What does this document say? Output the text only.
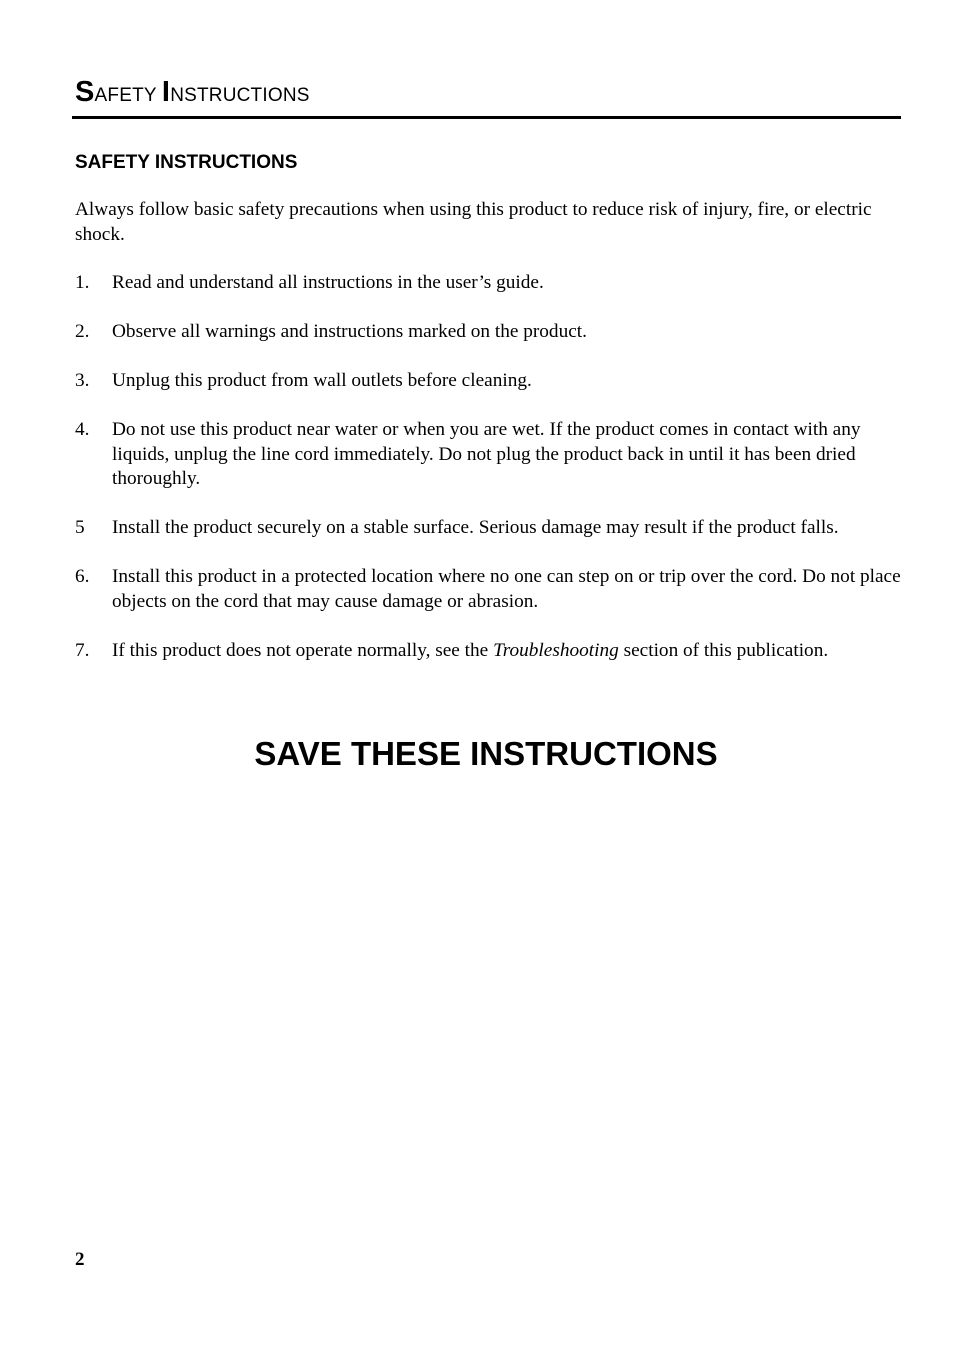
SAFETY INSTRUCTIONS
SAFETY INSTRUCTIONS
Always follow basic safety precautions when using this product to reduce risk of injury, fire, or electric shock.
1.	Read and understand all instructions in the user’s guide.
2.	Observe all warnings and instructions marked on the product.
3.	Unplug this product from wall outlets before cleaning.
4.	Do not use this product near water or when you are wet. If the product comes in contact with any liquids, unplug the line cord immediately. Do not plug the product back in until it has been dried thoroughly.
5	Install the product securely on a stable surface. Serious damage may result if the product falls.
6.	Install this product in a protected location where no one can step on or trip over the cord. Do not place objects on the cord that may cause damage or abrasion.
7.	If this product does not operate normally, see the Troubleshooting section of this publication.
SAVE THESE INSTRUCTIONS
2
